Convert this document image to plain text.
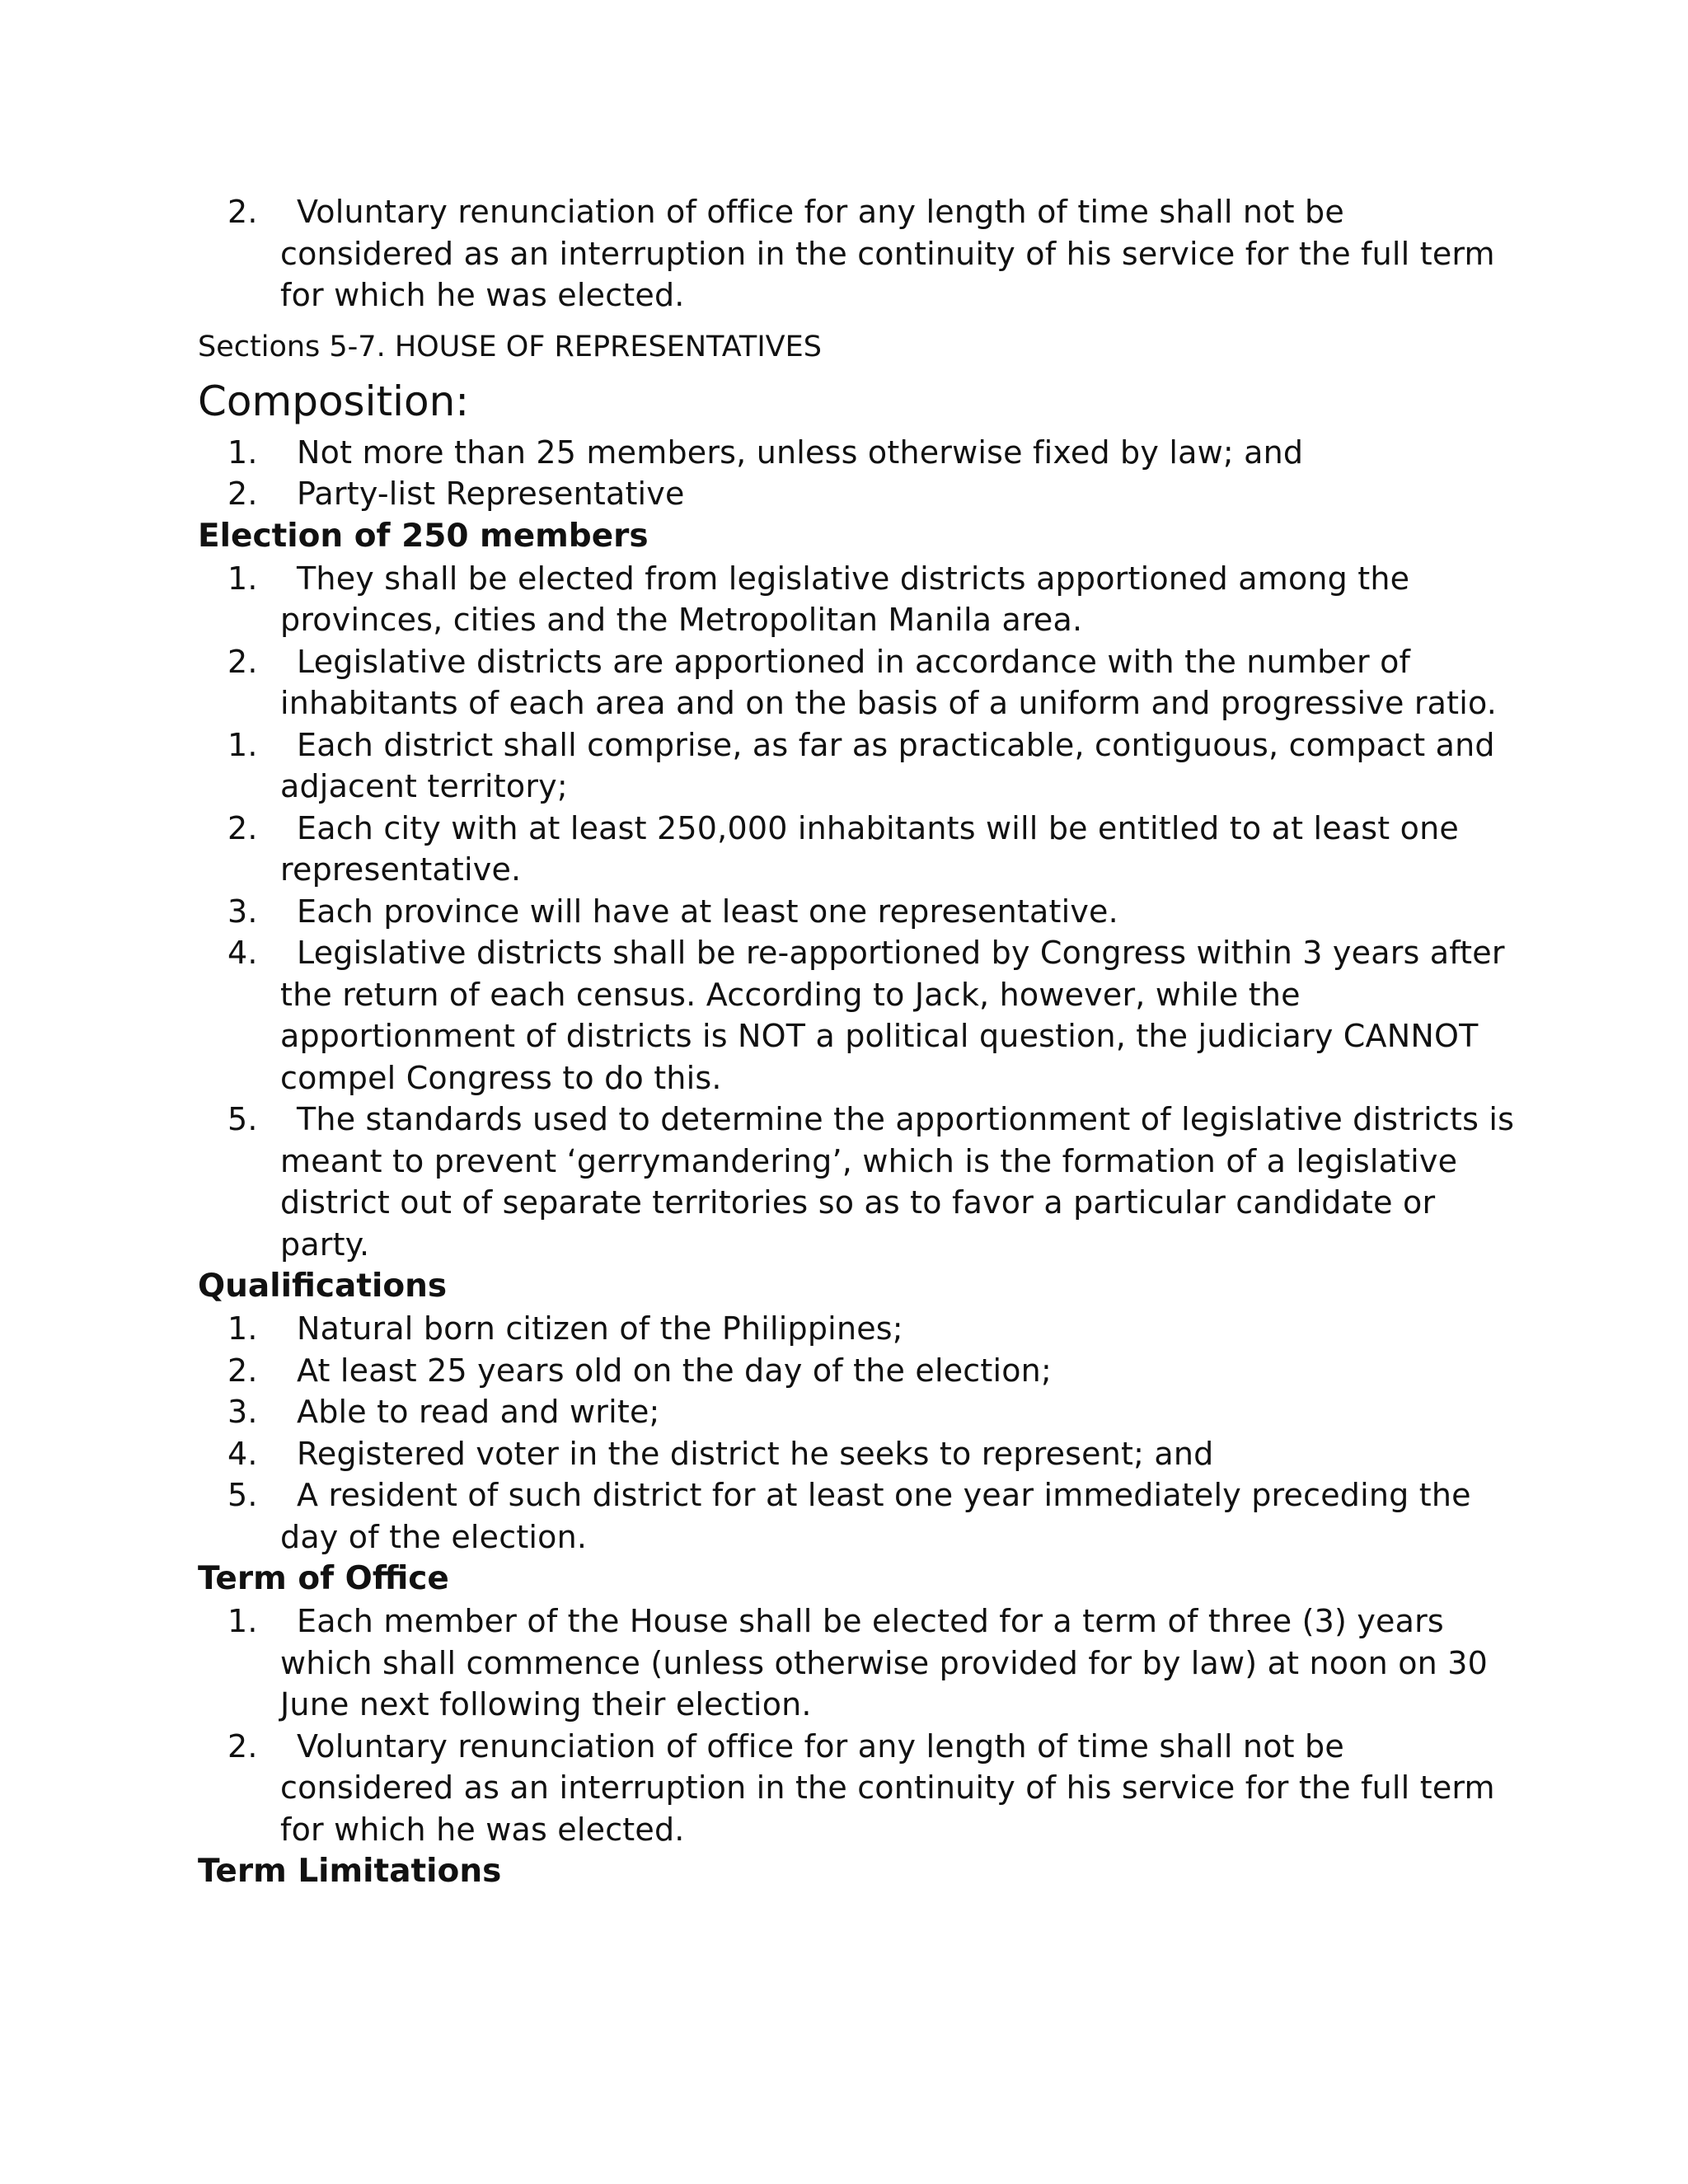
2.	Voluntary renunciation of office for any length of time shall not be considered as an interruption in the continuity of his service for the full term for which he was elected.
Sections 5-7. HOUSE OF REPRESENTATIVES
Composition:
1.	Not more than 25 members, unless otherwise fixed by law; and
2.	Party-list Representative
Election of 250 members
1.	They shall be elected from legislative districts apportioned among the provinces, cities and the Metropolitan Manila area.
2.	Legislative districts are apportioned in accordance with the number of inhabitants of each area and on the basis of a uniform and progressive ratio.
1.	Each district shall comprise, as far as practicable, contiguous, compact and adjacent territory;
2.	Each city with at least 250,000 inhabitants will be entitled to at least one representative.
3.	Each province will have at least one representative.
4.	Legislative districts shall be re-apportioned by Congress within 3 years after the return of each census. According to Jack, however, while the apportionment of districts is NOT a political question, the judiciary CANNOT compel Congress to do this.
5.	The standards used to determine the apportionment of legislative districts is meant to prevent ‘gerrymandering’, which is the formation of a legislative district out of separate territories so as to favor a particular candidate or party.
Qualifications
1.	Natural born citizen of the Philippines;
2.	At least 25 years old on the day of the election;
3.	Able to read and write;
4.	Registered voter in the district he seeks to represent; and
5.	A resident of such district for at least one year immediately preceding the day of the election.
Term of Office
1.	Each member of the House shall be elected for a term of three (3) years which shall commence (unless otherwise provided for by law) at noon on 30 June next following their election.
2.	Voluntary renunciation of office for any length of time shall not be considered as an interruption in the continuity of his service for the full term for which he was elected.
Term Limitations
